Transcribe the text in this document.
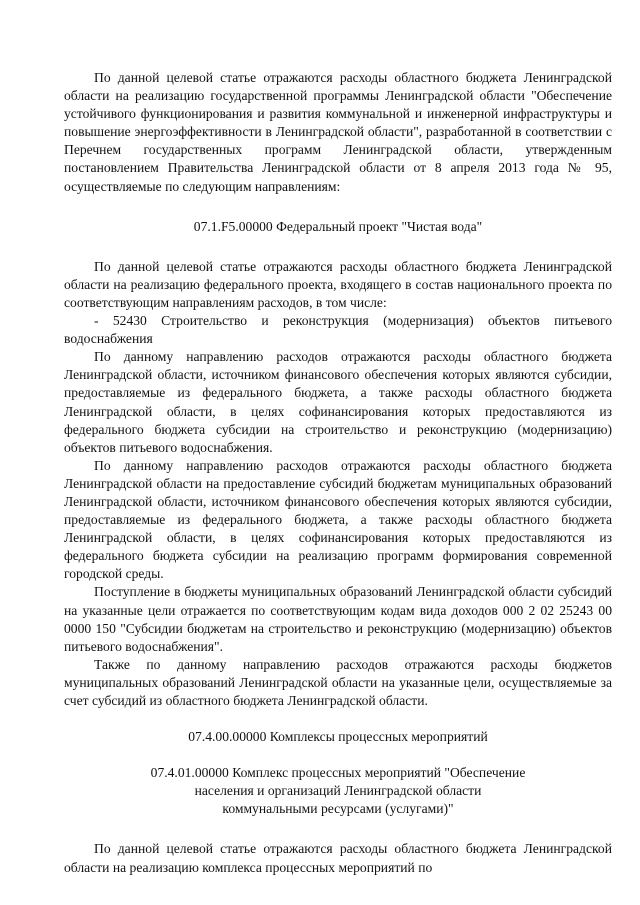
По данной целевой статье отражаются расходы областного бюджета Ленинградской области на реализацию государственной программы Ленинградской области "Обеспечение устойчивого функционирования и развития коммунальной и инженерной инфраструктуры и повышение энергоэффективности в Ленинградской области", разработанной в соответствии с Перечнем государственных программ Ленинградской области, утвержденным постановлением Правительства Ленинградской области от 8 апреля 2013 года № 95, осуществляемые по следующим направлениям:

07.1.F5.00000 Федеральный проект "Чистая вода"

По данной целевой статье отражаются расходы областного бюджета Ленинградской области на реализацию федерального проекта, входящего в состав национального проекта по соответствующим направлениям расходов, в том числе:

- 52430 Строительство и реконструкция (модернизация) объектов питьевого водоснабжения

По данному направлению расходов отражаются расходы областного бюджета Ленинградской области, источником финансового обеспечения которых являются субсидии, предоставляемые из федерального бюджета, а также расходы областного бюджета Ленинградской области, в целях софинансирования которых предоставляются из федерального бюджета субсидии на строительство и реконструкцию (модернизацию) объектов питьевого водоснабжения.

По данному направлению расходов отражаются расходы областного бюджета Ленинградской области на предоставление субсидий бюджетам муниципальных образований Ленинградской области, источником финансового обеспечения которых являются субсидии, предоставляемые из федерального бюджета, а также расходы областного бюджета Ленинградской области, в целях софинансирования которых предоставляются из федерального бюджета субсидии на реализацию программ формирования современной городской среды.

Поступление в бюджеты муниципальных образований Ленинградской области субсидий на указанные цели отражается по соответствующим кодам вида доходов 000 2 02 25243 00 0000 150 "Субсидии бюджетам на строительство и реконструкцию (модернизацию) объектов питьевого водоснабжения".

Также по данному направлению расходов отражаются расходы бюджетов муниципальных образований Ленинградской области на указанные цели, осуществляемые за счет субсидий из областного бюджета Ленинградской области.

07.4.00.00000 Комплексы процессных мероприятий

07.4.01.00000 Комплекс процессных мероприятий "Обеспечение

населения и организаций Ленинградской области

коммунальными ресурсами (услугами)"

По данной целевой статье отражаются расходы областного бюджета Ленинградской области на реализацию комплекса процессных мероприятий по
